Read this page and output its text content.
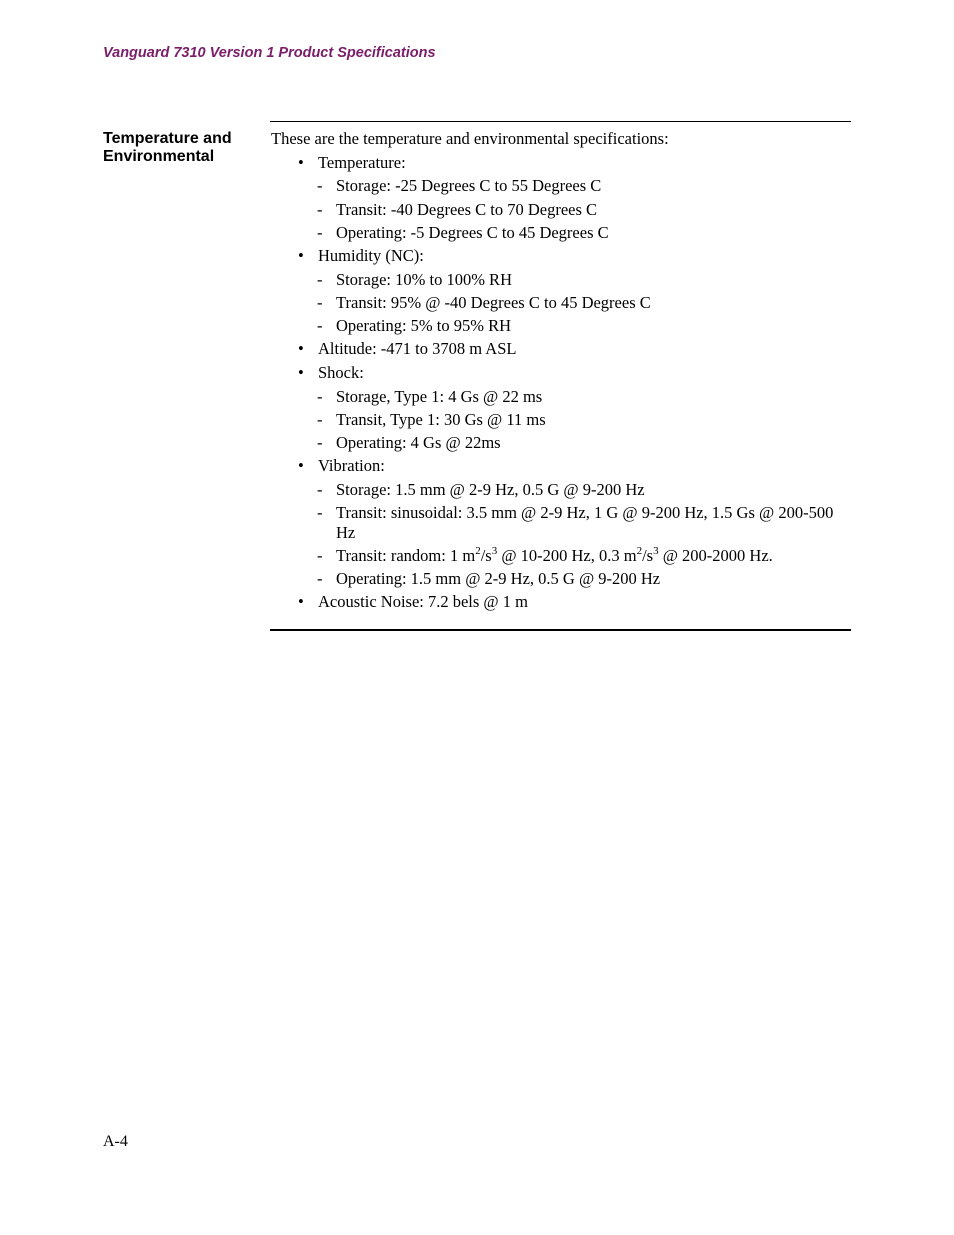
Vanguard 7310 Version 1 Product Specifications
Temperature and Environmental
These are the temperature and environmental specifications:
• Temperature:
- Storage: -25 Degrees C to 55 Degrees C
- Transit: -40 Degrees C to 70 Degrees C
- Operating: -5 Degrees C to 45 Degrees C
• Humidity (NC):
- Storage: 10% to 100% RH
- Transit: 95% @ -40 Degrees C to 45 Degrees C
- Operating: 5% to 95% RH
• Altitude: -471 to 3708 m ASL
• Shock:
- Storage, Type 1: 4 Gs @ 22 ms
- Transit, Type 1: 30 Gs @ 11 ms
- Operating: 4 Gs @ 22ms
• Vibration:
- Storage: 1.5 mm @ 2-9 Hz, 0.5 G @ 9-200 Hz
- Transit: sinusoidal: 3.5 mm @ 2-9 Hz, 1 G @ 9-200 Hz, 1.5 Gs @ 200-500 Hz
- Transit: random: 1 $m^2/s^3$ @ 10-200 Hz, 0.3 $m^2/s^3$ @ 200-2000 Hz.
- Operating: 1.5 mm @ 2-9 Hz, 0.5 G @ 9-200 Hz
• Acoustic Noise: 7.2 bels @ 1 m
A-4
